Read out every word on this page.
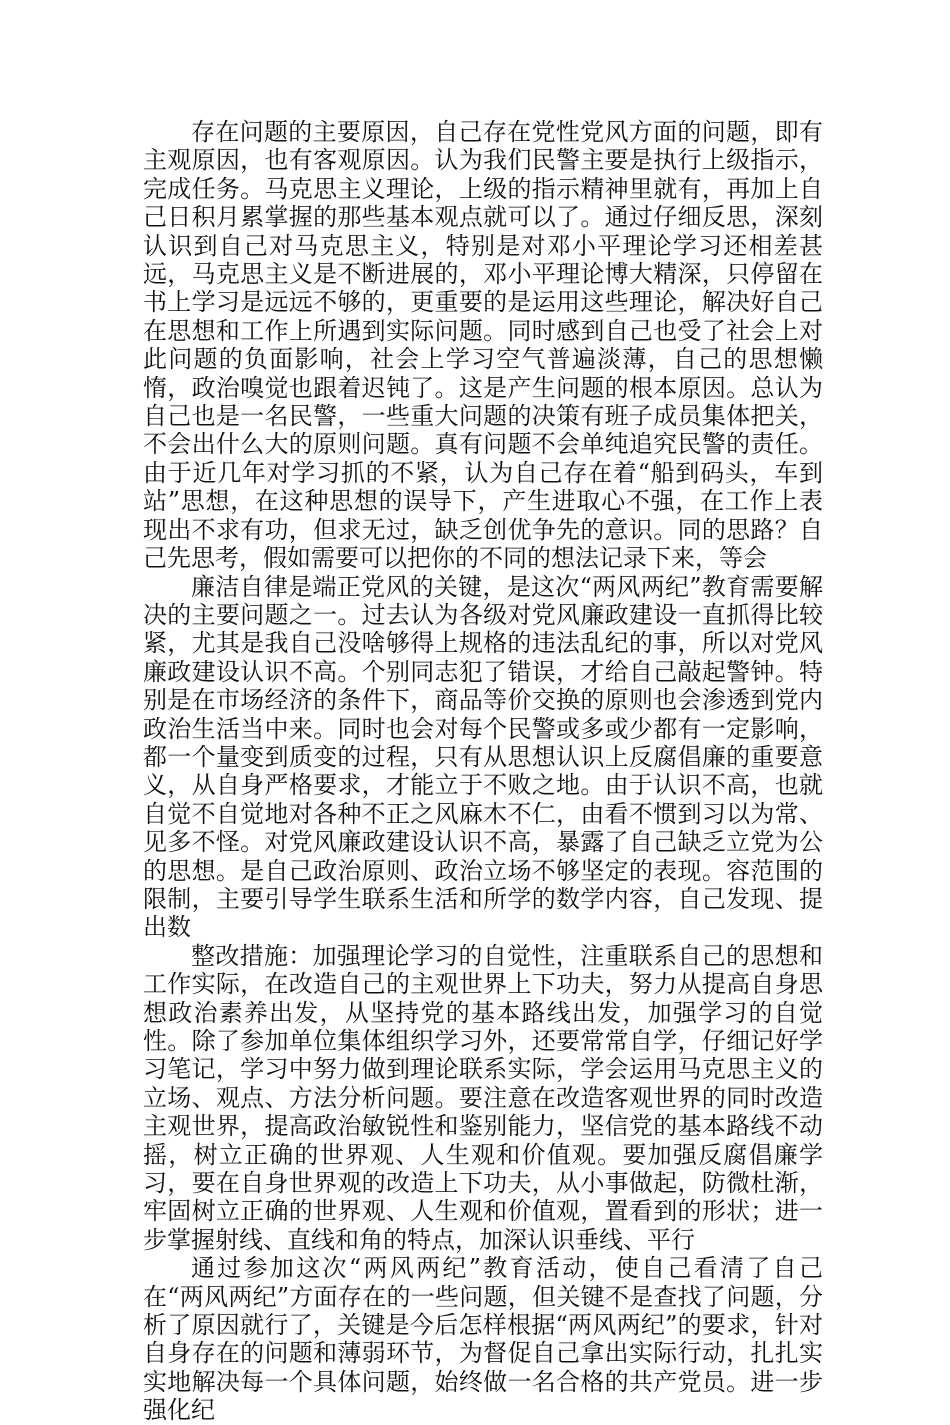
存在问题的主要原因，自己存在党性党风方面的问题，即有主观原因，也有客观原因。认为我们民警主要是执行上级指示，完成任务。马克思主义理论，上级的指示精神里就有，再加上自己日积月累掌握的那些基本观点就可以了。通过仔细反思，深刻认识到自己对马克思主义，特别是对邓小平理论学习还相差甚远，马克思主义是不断进展的，邓小平理论博大精深，只停留在书上学习是远远不够的，更重要的是运用这些理论，解决好自己在思想和工作上所遇到实际问题。同时感到自己也受了社会上对此问题的负面影响，社会上学习空气普遍淡薄，自己的思想懒惰，政治嗅觉也跟着迟钝了。这是产生问题的根本原因。总认为自己也是一名民警，一些重大问题的决策有班子成员集体把关，不会出什么大的原则问题。真有问题不会单纯追究民警的责任。由于近几年对学习抓的不紧，认为自己存在着“船到码头，车到站”思想，在这种思想的误导下，产生进取心不强，在工作上表现出不求有功，但求无过，缺乏创优争先的意识。同的思路？自己先思考，假如需要可以把你的不同的想法记录下来，等会

廉洁自律是端正党风的关键，是这次“两风两纪”教育需要解决的主要问题之一。过去认为各级对党风廉政建设一直抓得比较紧，尤其是我自己没啥够得上规格的违法乱纪的事，所以对党风廉政建设认识不高。个别同志犯了错误，才给自己敲起警钟。特别是在市场经济的条件下，商品等价交换的原则也会渗透到党内政治生活当中来。同时也会对每个民警或多或少都有一定影响，都一个量变到质变的过程，只有从思想认识上反腐倡廉的重要意义，从自身严格要求，才能立于不败之地。由于认识不高，也就自觉不自觉地对各种不正之风麻木不仁，由看不惯到习以为常、见多不怪。对党风廉政建设认识不高，暴露了自己缺乏立党为公的思想。是自己政治原则、政治立场不够坚定的表现。容范围的限制，主要引导学生联系生活和所学的数学内容，自己发现、提出数

整改措施：加强理论学习的自觉性，注重联系自己的思想和工作实际，在改造自己的主观世界上下功夫，努力从提高自身思想政治素养出发，从坚持党的基本路线出发，加强学习的自觉性。除了参加单位集体组织学习外，还要常常自学，仔细记好学习笔记，学习中努力做到理论联系实际，学会运用马克思主义的立场、观点、方法分析问题。要注意在改造客观世界的同时改造主观世界，提高政治敏锐性和鉴别能力，坚信党的基本路线不动摇，树立正确的世界观、人生观和价值观。要加强反腐倡廉学习，要在自身世界观的改造上下功夫，从小事做起，防微杜渐，牢固树立正确的世界观、人生观和价值观，置看到的形状；进一步掌握射线、直线和角的特点，加深认识垂线、平行

通过参加这次“两风两纪”教育活动，使自己看清了自己在“两风两纪”方面存在的一些问题，但关键不是查找了问题，分析了原因就行了，关键是今后怎样根据“两风两纪”的要求，针对自身存在的问题和薄弱环节，为督促自己拿出实际行动，扎扎实实地解决每一个具体问题，始终做一名合格的共产党员。进一步强化纪
